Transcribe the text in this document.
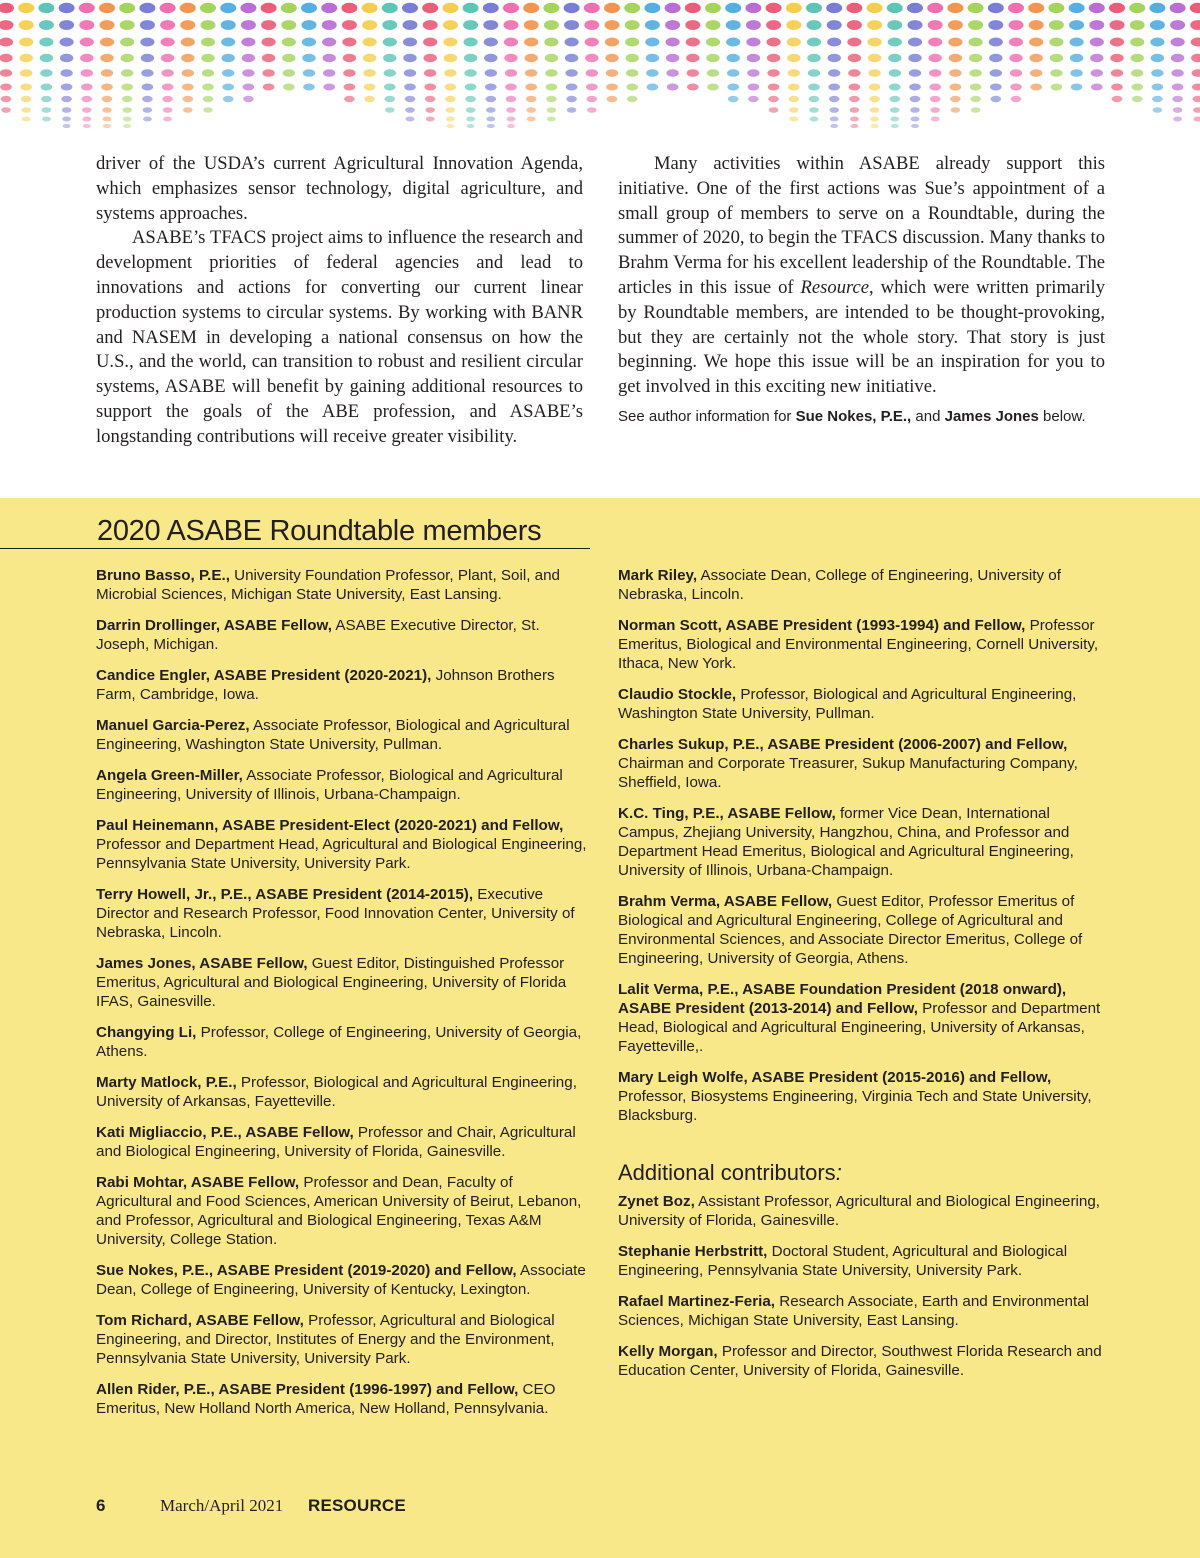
driver of the USDA’s current Agricultural Innovation Agenda, which emphasizes sensor technology, digital agriculture, and systems approaches.

ASABE’s TFACS project aims to influence the research and development priorities of federal agencies and lead to innovations and actions for converting our current linear production systems to circular systems. By working with BANR and NASEM in developing a national consensus on how the U.S., and the world, can transition to robust and resilient circular systems, ASABE will benefit by gaining additional resources to support the goals of the ABE profession, and ASABE’s longstanding contributions will receive greater visibility.

Many activities within ASABE already support this initiative. One of the first actions was Sue’s appointment of a small group of members to serve on a Roundtable, during the summer of 2020, to begin the TFACS discussion. Many thanks to Brahm Verma for his excellent leadership of the Roundtable. The articles in this issue of Resource, which were written primarily by Roundtable members, are intended to be thought-provoking, but they are certainly not the whole story. That story is just beginning. We hope this issue will be an inspiration for you to get involved in this exciting new initiative.

See author information for Sue Nokes, P.E., and James Jones below.

2020 ASABE Roundtable members
Bruno Basso, P.E., University Foundation Professor, Plant, Soil, and Microbial Sciences, Michigan State University, East Lansing.
Darrin Drollinger, ASABE Fellow, ASABE Executive Director, St. Joseph, Michigan.
Candice Engler, ASABE President (2020-2021), Johnson Brothers Farm, Cambridge, Iowa.
Manuel Garcia-Perez, Associate Professor, Biological and Agricultural Engineering, Washington State University, Pullman.
Angela Green-Miller, Associate Professor, Biological and Agricultural Engineering, University of Illinois, Urbana-Champaign.
Paul Heinemann, ASABE President-Elect (2020-2021) and Fellow, Professor and Department Head, Agricultural and Biological Engineering, Pennsylvania State University, University Park.
Terry Howell, Jr., P.E., ASABE President (2014-2015), Executive Director and Research Professor, Food Innovation Center, University of Nebraska, Lincoln.
James Jones, ASABE Fellow, Guest Editor, Distinguished Professor Emeritus, Agricultural and Biological Engineering, University of Florida IFAS, Gainesville.
Changying Li, Professor, College of Engineering, University of Georgia, Athens.
Marty Matlock, P.E., Professor, Biological and Agricultural Engineering, University of Arkansas, Fayetteville.
Kati Migliaccio, P.E., ASABE Fellow, Professor and Chair, Agricultural and Biological Engineering, University of Florida, Gainesville.
Rabi Mohtar, ASABE Fellow, Professor and Dean, Faculty of Agricultural and Food Sciences, American University of Beirut, Lebanon, and Professor, Agricultural and Biological Engineering, Texas A&M University, College Station.
Sue Nokes, P.E., ASABE President (2019-2020) and Fellow, Associate Dean, College of Engineering, University of Kentucky, Lexington.
Tom Richard, ASABE Fellow, Professor, Agricultural and Biological Engineering, and Director, Institutes of Energy and the Environment, Pennsylvania State University, University Park.
Allen Rider, P.E., ASABE President (1996-1997) and Fellow, CEO Emeritus, New Holland North America, New Holland, Pennsylvania.
Mark Riley, Associate Dean, College of Engineering, University of Nebraska, Lincoln.
Norman Scott, ASABE President (1993-1994) and Fellow, Professor Emeritus, Biological and Environmental Engineering, Cornell University, Ithaca, New York.
Claudio Stockle, Professor, Biological and Agricultural Engineering, Washington State University, Pullman.
Charles Sukup, P.E., ASABE President (2006-2007) and Fellow, Chairman and Corporate Treasurer, Sukup Manufacturing Company, Sheffield, Iowa.
K.C. Ting, P.E., ASABE Fellow, former Vice Dean, International Campus, Zhejiang University, Hangzhou, China, and Professor and Department Head Emeritus, Biological and Agricultural Engineering, University of Illinois, Urbana-Champaign.
Brahm Verma, ASABE Fellow, Guest Editor, Professor Emeritus of Biological and Agricultural Engineering, College of Agricultural and Environmental Sciences, and Associate Director Emeritus, College of Engineering, University of Georgia, Athens.
Lalit Verma, P.E., ASABE Foundation President (2018 onward), ASABE President (2013-2014) and Fellow, Professor and Department Head, Biological and Agricultural Engineering, University of Arkansas, Fayetteville,.
Mary Leigh Wolfe, ASABE President (2015-2016) and Fellow, Professor, Biosystems Engineering, Virginia Tech and State University, Blacksburg.
Additional contributors:
Zynet Boz, Assistant Professor, Agricultural and Biological Engineering, University of Florida, Gainesville.
Stephanie Herbstritt, Doctoral Student, Agricultural and Biological Engineering, Pennsylvania State University, University Park.
Rafael Martinez-Feria, Research Associate, Earth and Environmental Sciences, Michigan State University, East Lansing.
Kelly Morgan, Professor and Director, Southwest Florida Research and Education Center, University of Florida, Gainesville.
6	March/April 2021 RESOURCE
